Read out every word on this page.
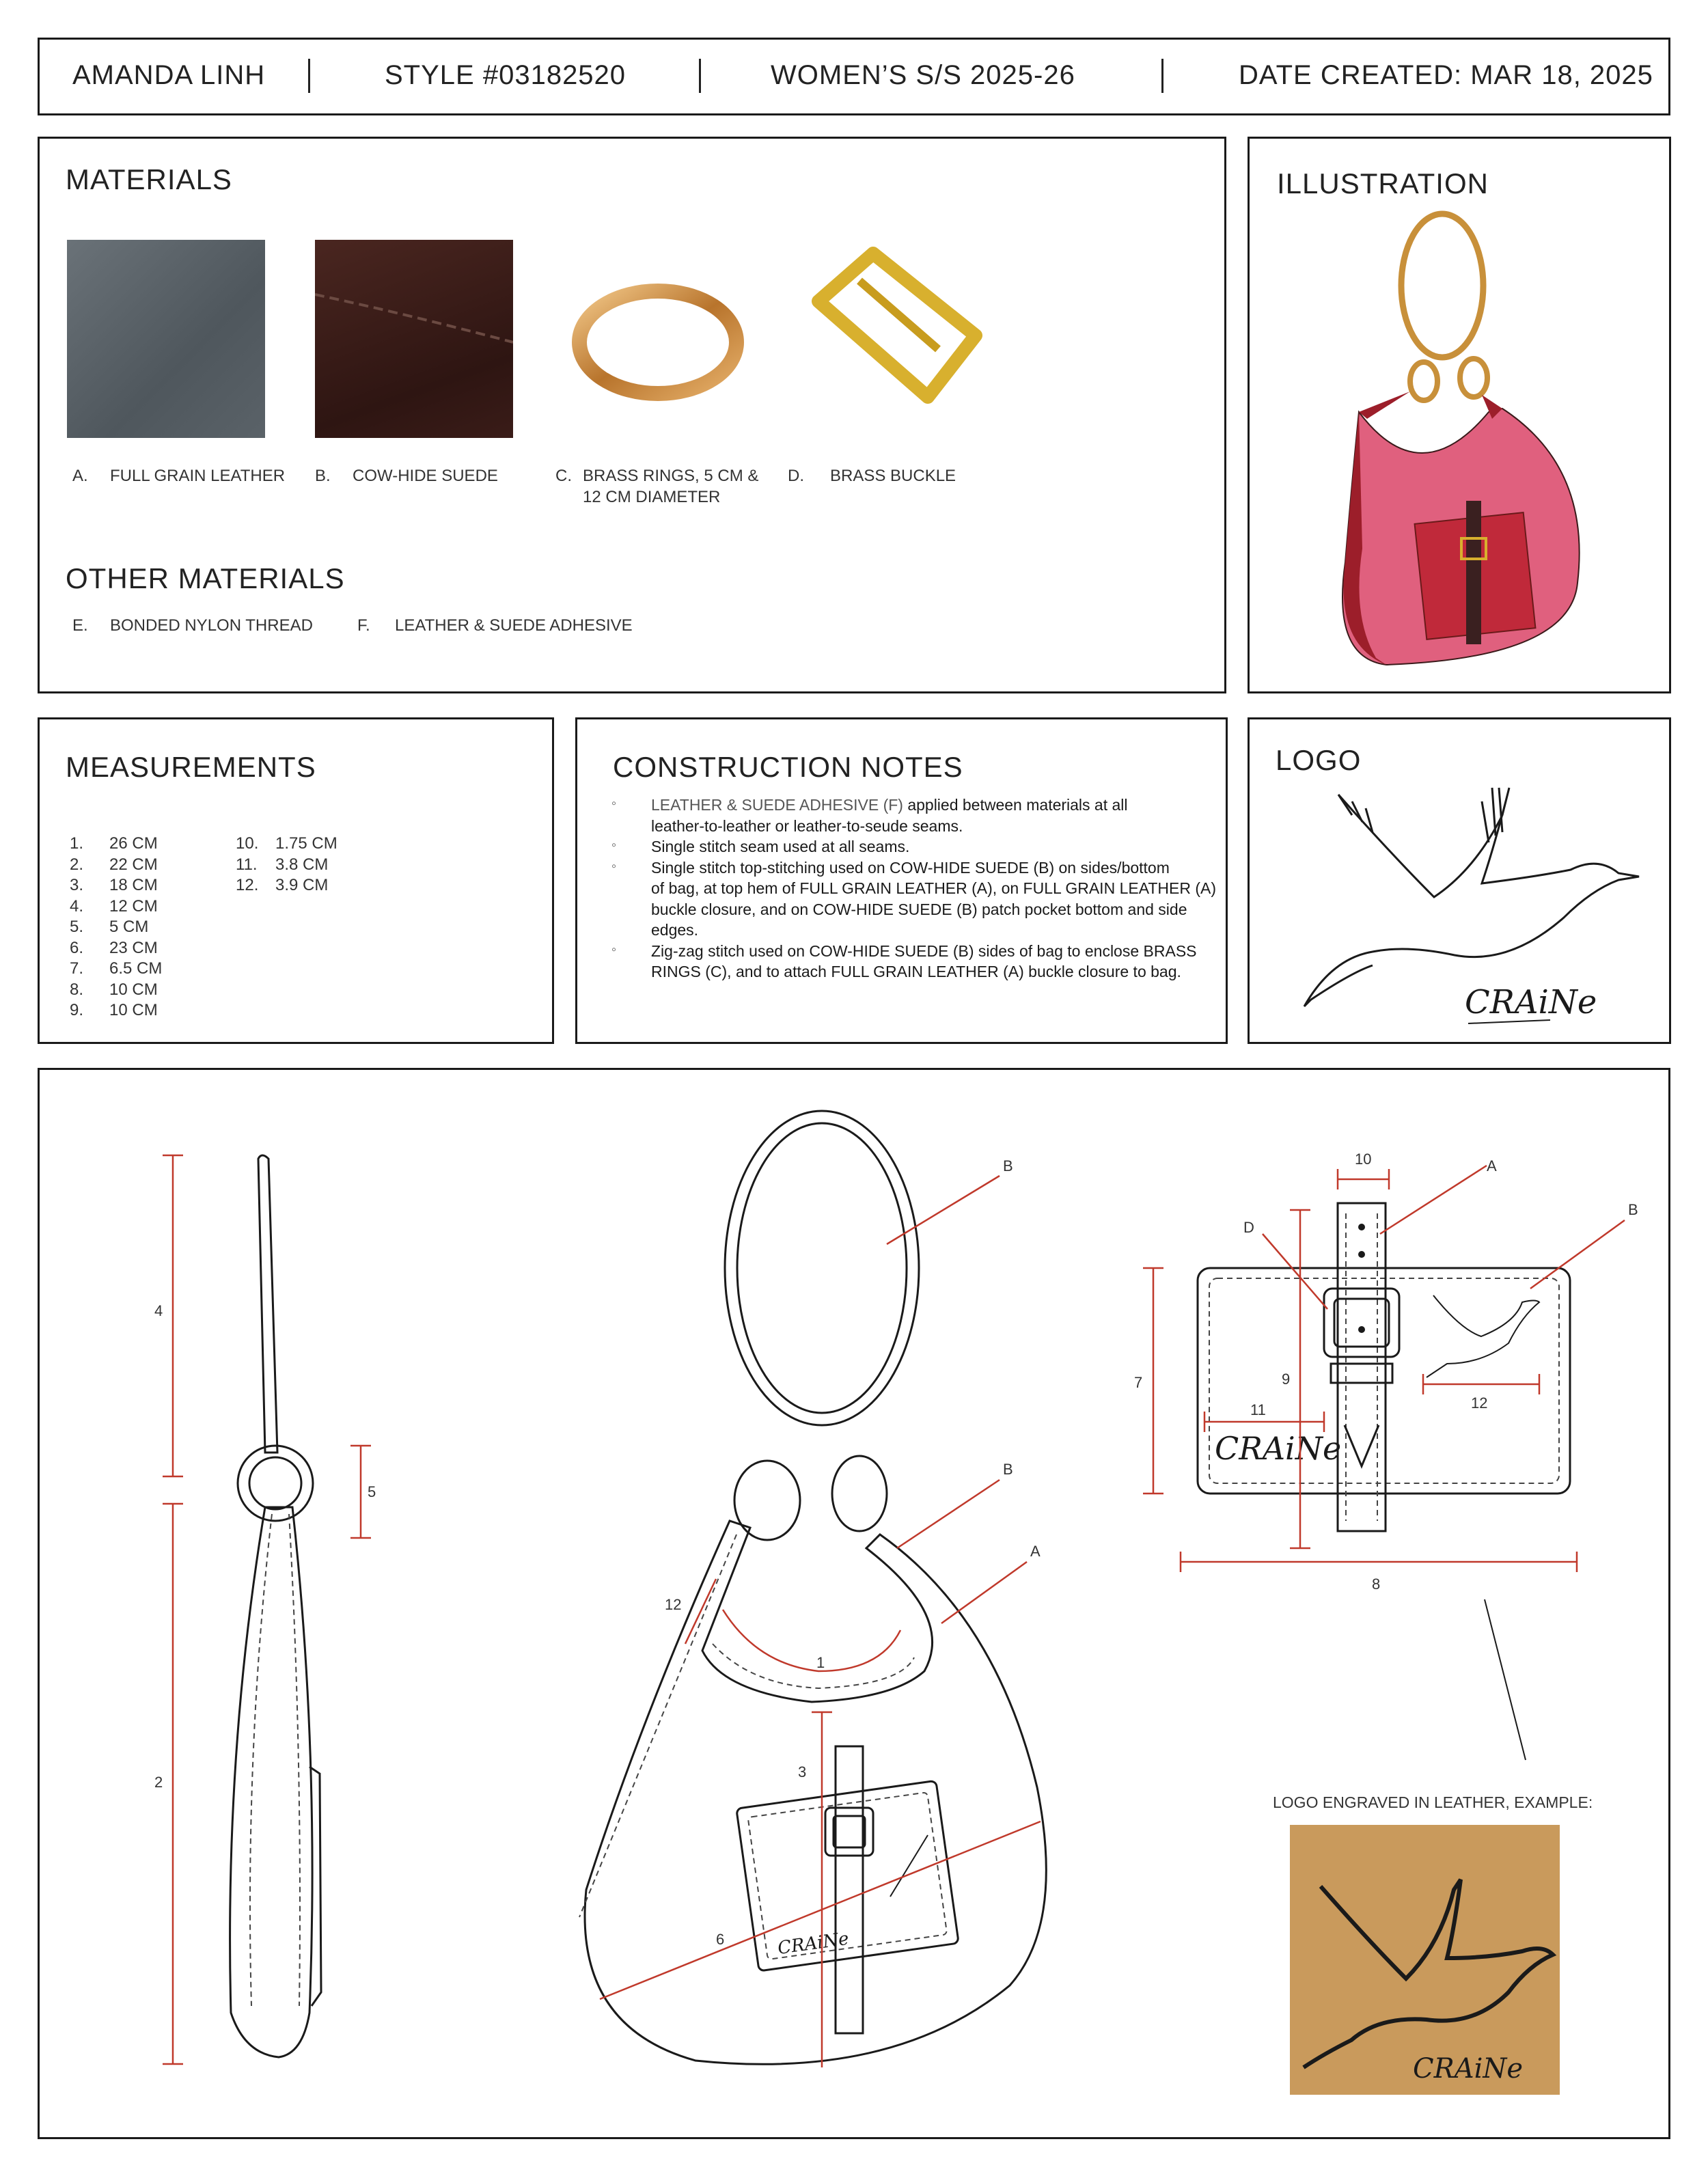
AMANDA LINH	STYLE #03182520	WOMEN’S S/S 2025-26	DATE CREATED: MAR 18, 2025
MATERIALS
A. FULL GRAIN LEATHER B. COW-HIDE SUEDE	C. BRASS RINGS, 5 CM &
12 CM DIAMETER
D. BRASS BUCKLE
OTHER MATERIALS
E. BONDED NYLON THREAD	F. LEATHER & SUEDE ADHESIVE
ILLUSTRATION
MEASUREMENTS
1. 26 CM
2. 22 CM
3. 18 CM
4. 12 CM
5. 5 CM
6. 23 CM
7. 6.5 CM
8. 10 CM
9. 10 CM
10. 1.75 CM
11. 3.8 CM
12. 3.9 CM
CONSTRUCTION NOTES
◦ LEATHER & SUEDE ADHESIVE (F) applied between materials at all
leather-to-leather or leather-to-seude seams.
◦ Single stitch seam used at all seams.
◦ Single stitch top-stitching used on COW-HIDE SUEDE (B) on sides/bottom
of bag, at top hem of FULL GRAIN LEATHER (A), on FULL GRAIN LEATHER (A)
buckle closure, and on COW-HIDE SUEDE (B) patch pocket bottom and side
edges.
◦ Zig-zag stitch used on COW-HIDE SUEDE (B) sides of bag to enclose BRASS
RINGS (C), and to attach FULL GRAIN LEATHER (A) buckle closure to bag.
LOGO
CRAiNe
4
2
5
CRAiNe
B
B
A
12
1
3
6
CRAiNe
10	A
B
D
7	9
11	12
8
LOGO ENGRAVED IN LEATHER, EXAMPLE:
CRAiNe
